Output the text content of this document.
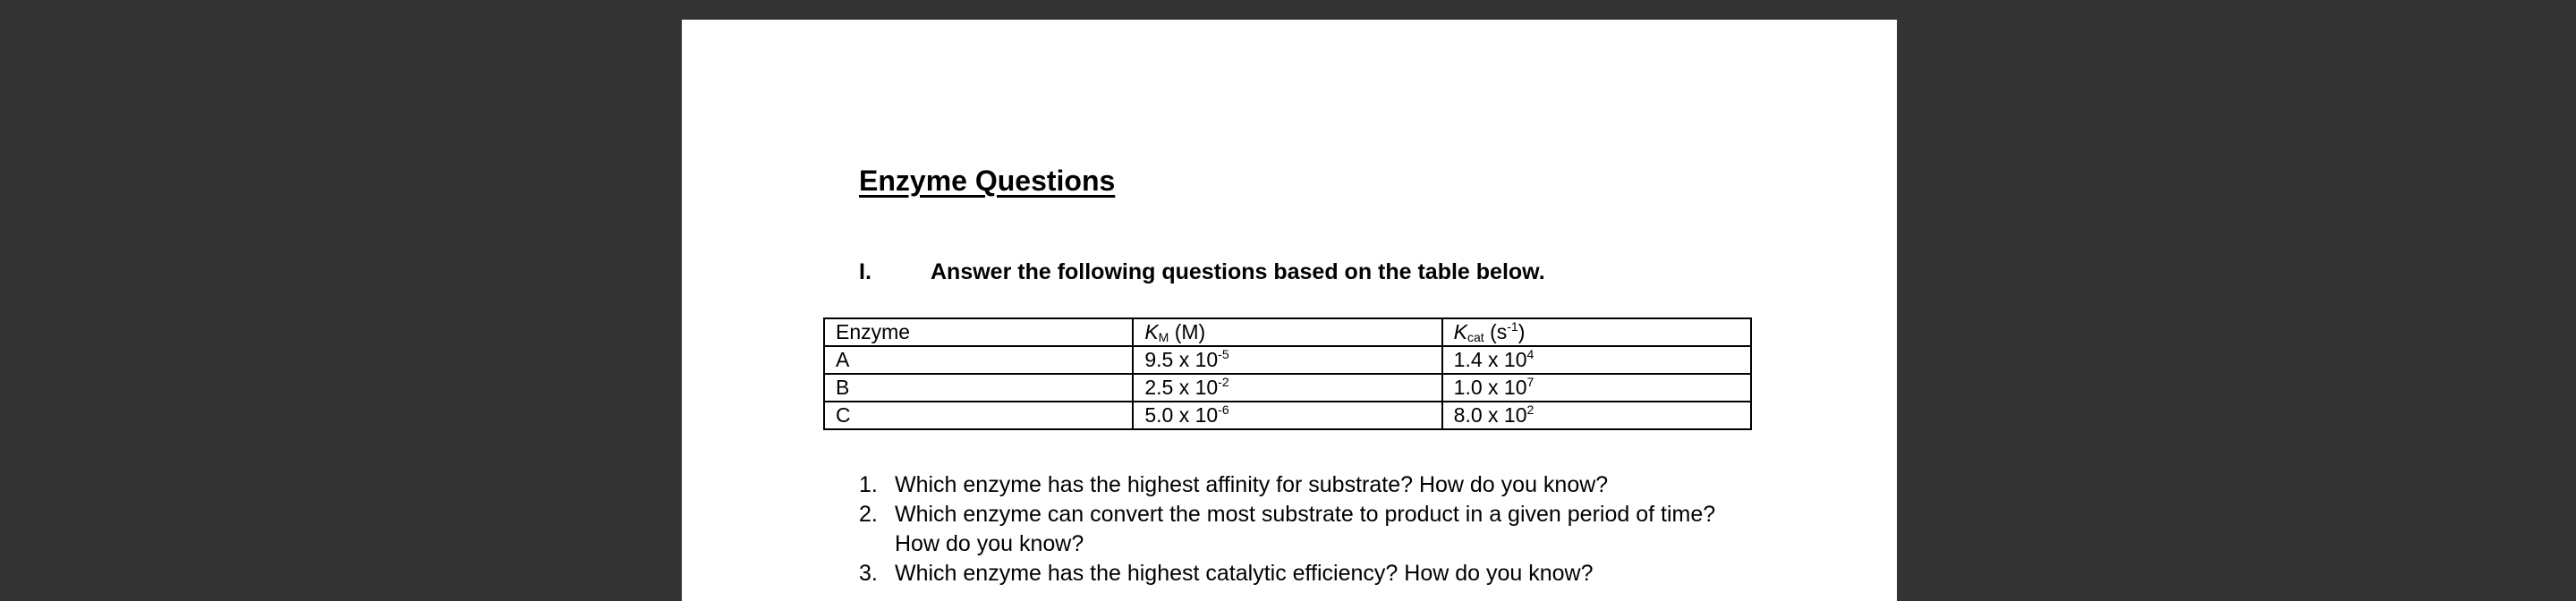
Enzyme Questions
I.	Answer the following questions based on the table below.
Enzyme	$K_M$ (M)	$K_{cat}$ $(s^{-1})$
A	9.5 x $10^{-5}$	1.4 x $10^4$
B	2.5 x $10^{-2}$	1.0 x $10^7$
C	5.0 x $10^{-6}$	8.0 x $10^2$
1. Which enzyme has the highest affinity for substrate? How do you know?
2. Which enzyme can convert the most substrate to product in a given period of time? How do you know?
3. Which enzyme has the highest catalytic efficiency? How do you know?
